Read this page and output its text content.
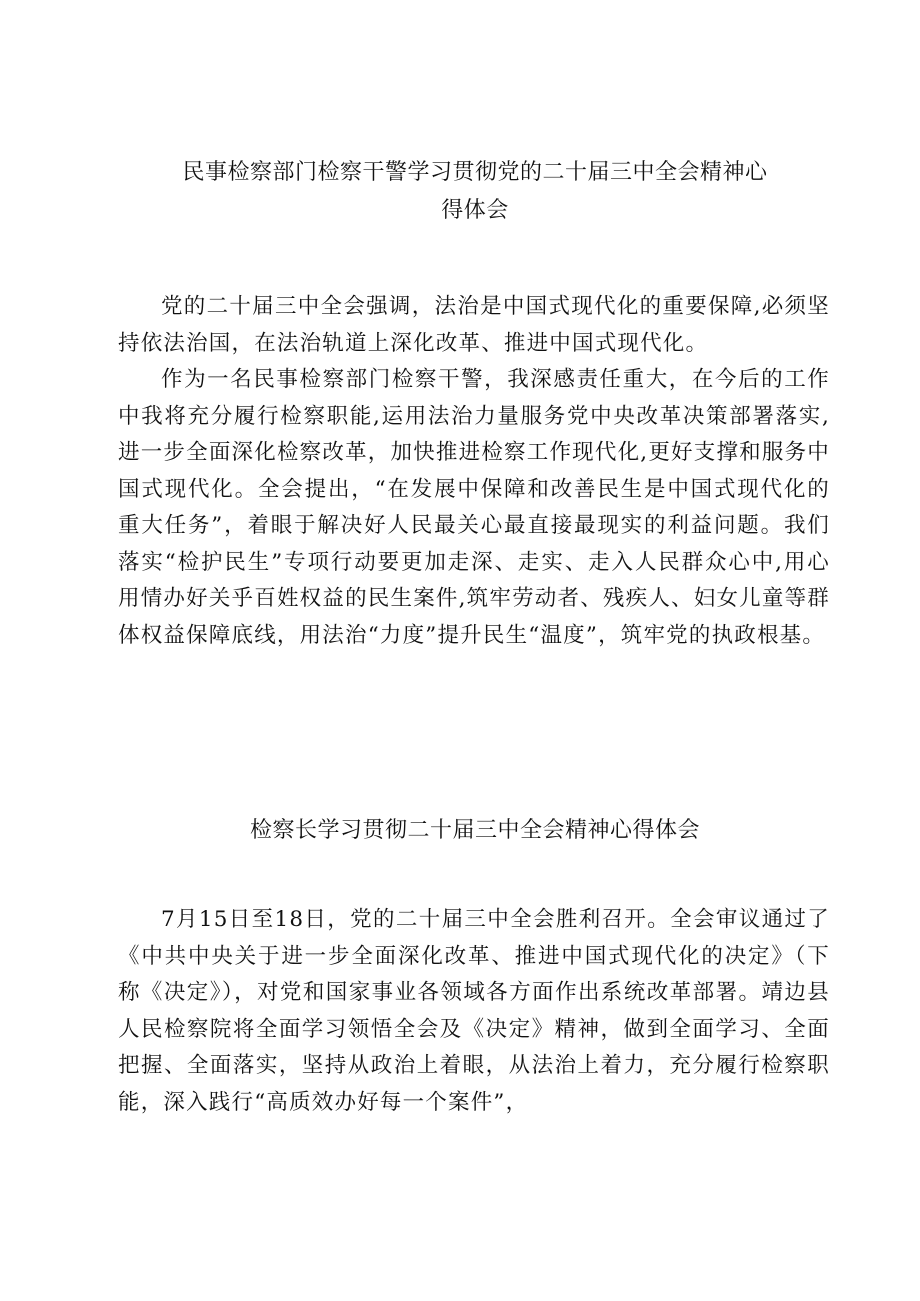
民事检察部门检察干警学习贯彻党的二十届三中全会精神心
得体会

党的二十届三中全会强调，法治是中国式现代化的重要保障,必须坚持依法治国，在法治轨道上深化改革、推进中国式现代化。

作为一名民事检察部门检察干警，我深感责任重大，在今后的工作中我将充分履行检察职能,运用法治力量服务党中央改革决策部署落实,进一步全面深化检察改革，加快推进检察工作现代化,更好支撑和服务中国式现代化。全会提出，“在发展中保障和改善民生是中国式现代化的重大任务”，着眼于解决好人民最关心最直接最现实的利益问题。我们落实“检护民生”专项行动要更加走深、走实、走入人民群众心中,用心用情办好关乎百姓权益的民生案件,筑牢劳动者、残疾人、妇女儿童等群体权益保障底线，用法治“力度”提升民生“温度”，筑牢党的执政根基。

检察长学习贯彻二十届三中全会精神心得体会

7月15日至18日，党的二十届三中全会胜利召开。全会审议通过了《中共中央关于进一步全面深化改革、推进中国式现代化的决定》（下称《决定》），对党和国家事业各领域各方面作出系统改革部署。靖边县人民检察院将全面学习领悟全会及《决定》精神，做到全面学习、全面把握、全面落实，坚持从政治上着眼，从法治上着力，充分履行检察职能，深入践行“高质效办好每一个案件”，
